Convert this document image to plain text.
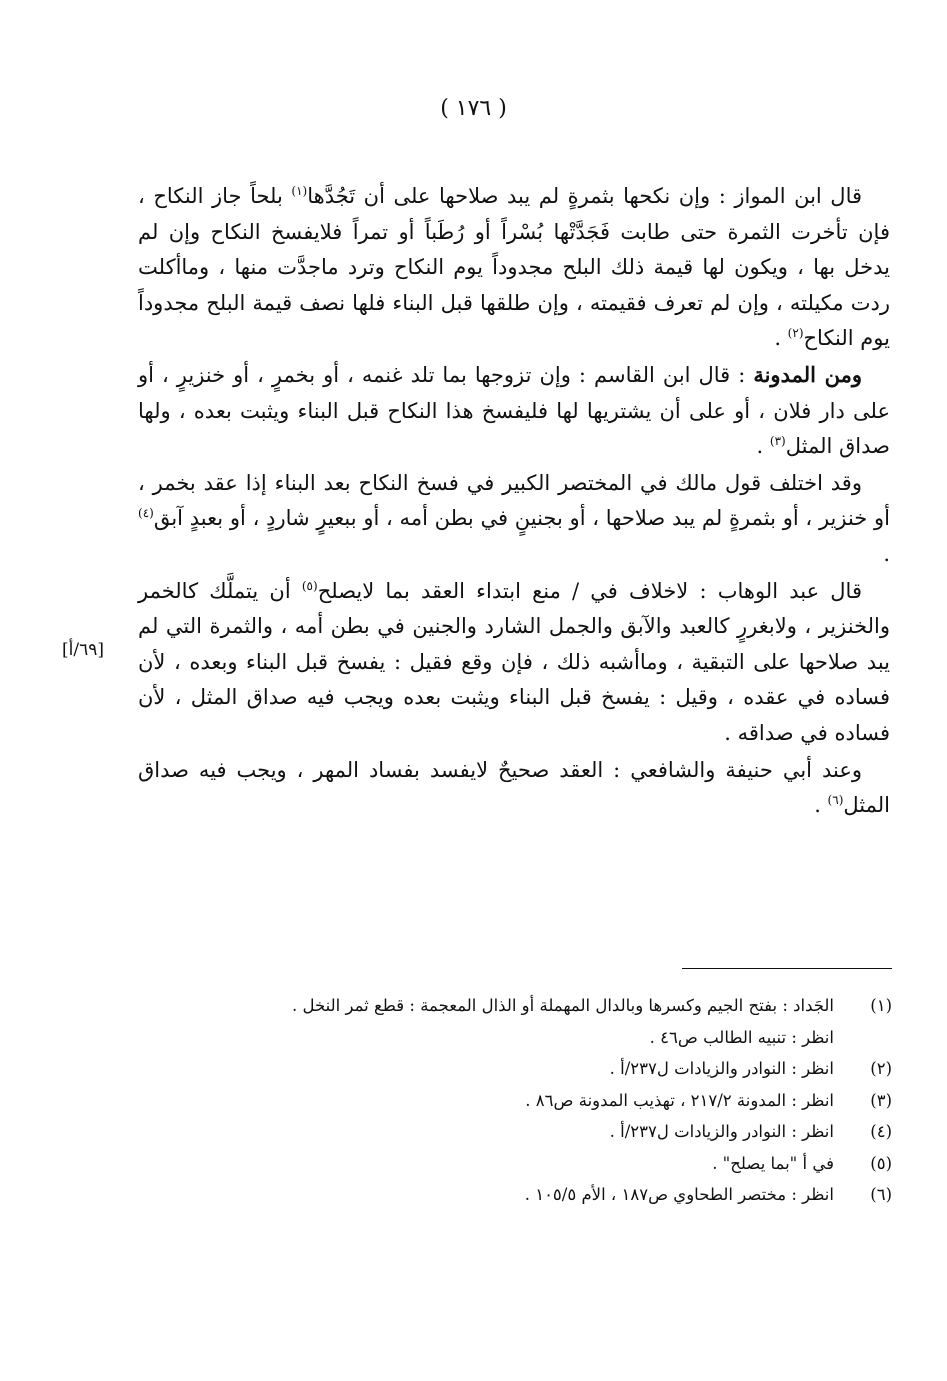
( ١٧٦ )
[٦٩/أ]

قال ابن المواز : وإن نكحها بثمرةٍ لم يبد صلاحها على أن تَجُدَّها$^{(١)}$ بلحاً جاز النكاح ، فإن تأخرت الثمرة حتى طابت فَجَدَّتْها بُسْراً أو رُطَباً أو تمراً فلايفسخ النكاح وإن لم يدخل بها ، ويكون لها قيمة ذلك البلح مجدوداً يوم النكاح وترد ماجدَّت منها ، وماأكلت ردت مكيلته ، وإن لم تعرف فقيمته ، وإن طلقها قبل البناء فلها نصف قيمة البلح مجدوداً يوم النكاح$^{(٢)}$ .

ومن المدونة : قال ابن القاسم : وإن تزوجها بما تلد غنمه ، أو بخمرٍ ، أو خنزيرٍ ، أو على دار فلان ، أو على أن يشتريها لها فليفسخ هذا النكاح قبل البناء ويثبت بعده ، ولها صداق المثل$^{(٣)}$ .

وقد اختلف قول مالك في المختصر الكبير في فسخ النكاح بعد البناء إذا عقد بخمر ، أو خنزير ، أو بثمرةٍ لم يبد صلاحها ، أو بجنينٍ في بطن أمه ، أو ببعيرٍ شاردٍ ، أو بعبدٍ آبق$^{(٤)}$ .

قال عبد الوهاب : لاخلاف في / منع ابتداء العقد بما لايصلح$^{(٥)}$ أن يتملَّك كالخمر والخنزير ، ولابغررٍ كالعبد والآبق والجمل الشارد والجنين في بطن أمه ، والثمرة التي لم يبد صلاحها على التبقية ، وماأشبه ذلك ، فإن وقع فقيل : يفسخ قبل البناء وبعده ، لأن فساده في عقده ، وقيل : يفسخ قبل البناء ويثبت بعده ويجب فيه صداق المثل ، لأن فساده في صداقه .

وعند أبي حنيفة والشافعي : العقد صحيحٌ لايفسد بفساد المهر ، ويجب فيه صداق المثل$^{(٦)}$ .

(١)
الجَداد : بفتح الجيم وكسرها وبالدال المهملة أو الذال المعجمة : قطع ثمر النخل .
انظر : تنبيه الطالب ص٤٦ .
(٢)
انظر : النوادر والزيادات ل٢٣٧/أ .
(٣)
انظر : المدونة ٢١٧/٢ ، تهذيب المدونة ص٨٦ .
(٤)
انظر : النوادر والزيادات ل٢٣٧/أ .
(٥)
في أ "بما يصلح" .
(٦)
انظر : مختصر الطحاوي ص١٨٧ ، الأم ١٠٥/٥ .
